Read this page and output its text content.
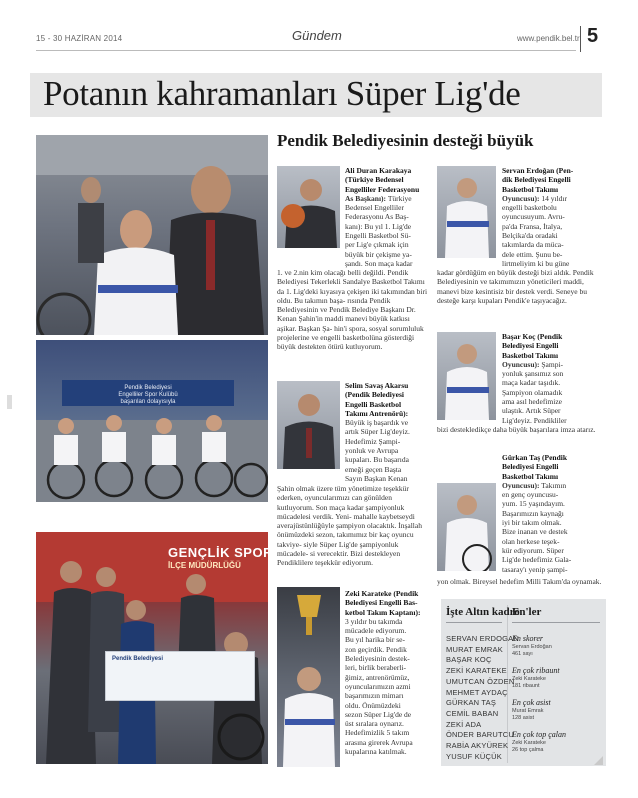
15 - 30 HAZİRAN 2014	Gündem	www.pendik.bel.tr 5
Potanın kahramanları Süper Lig'de
Pendik Belediyesi
Engelliler Spor Kulübü
başarıları dolayısıyla
GENÇLİK SPOR
İLÇE MÜDÜRLÜĞÜ
Pendik Belediyesi
Pendik Belediyesinin desteği büyük
Ali Duran Karakaya
(Türkiye Bedensel
Engelliler Federasyonu
As Başkanı): Türkiye
Bedensel Engelliler
Federasyonu As Baş-
kanı): Bu yıl 1. Lig'de
Engelli Basketbol Sü-
per Lig'e çıkmak için
büyük bir çekişme ya-
şandı. Son maça kadar
1. ve 2.nin kim olacağı belli değildi. Pendik Belediyesi Tekerlekli Sandalye Basketbol Takımı da 1. Lig'deki kıyasıya çekişen iki takımından biri oldu. Bu takımın başa- rısında Pendik Belediyesinin ve Pendik Belediye Başkanı Dr. Kenan Şahin'in maddi manevi büyük katkısı aşikar. Başkan Şa- hin'i spora, sosyal sorumluluk projelerine ve engelli basketbolüna gösterdiği büyük destekten ötürü kutluyorum.
Selim Savaş Akarsu
(Pendik Belediyesi
Engelli Basketbol
Takımı Antrenörü):
Büyük iş başardık ve
artık Süper Lig'deyiz.
Hedefimiz Şampi-
yonluk ve Avrupa
kupaları. Bu başarıda
emeği geçen Başta
Sayın Başkan Kenan
Şahin olmak üzere tüm yönetimize teşekkür ederken, oyuncularımızı can gönülden kutluyorum. Son maça kadar şampiyonluk mücadelesi verdik. Yeni- mahalle kaybetseydi averajüstünlüğüyle şampiyon olacaktık. İnşallah önümüzdeki sezon, takımımız bir kaç oyuncu takviye- siyle Süper Lig'de şampiyonluk mücadele- si verecektir. Bizi destekleyen Pendiklilere teşekkür ediyorum.
Zeki Karateke (Pendik
Belediyesi Engelli Bas-
ketbol Takım Kaptanı):
3 yıldır bu takımda
mücadele ediyorum.
Bu yıl harika bir se-
zon geçirdik. Pendik
Belediyesinin destek-
leri, birlik beraberli-
ğimiz, antrenörümüz,
oyuncularımızın azmi
başarımızın mimarı
oldu. Önümüzdeki
sezon Süper Lig'de de
üst sıralara oynarız.
Hedefimizlik 5 takım
arasına girerek Avrupa
kupalarına katılmak.
Servan Erdoğan (Pen-
dik Belediyesi Engelli
Basketbol Takımı
Oyuncusu): 14 yıldır
engelli basketbolu
oyuncusuyum. Avru-
pa'da Fransa, İtalya,
Belçika'da oradaki
takımlarda da müca-
dele ettim. Şunu be-
lirtmeliyim ki bu güne
kadar gördüğüm en büyük desteği bizi aldık. Pendik Belediyesinin ve takımımızın yöneticileri maddi, manevi bize kesintisiz bir destek verdi. Seneye bu desteğe karşı kupaları Pendik'e taşıyacağız.
Başar Koç (Pendik
Belediyesi Engelli
Basketbol Takımı
Oyuncusu): Şampi-
yonluk şansımız son
maça kadar taşıdık.
Şampiyon olamadık
ama asıl hedefimize
ulaştık. Artık Süper
Lig'deyiz. Pendikliler
bizi destekledikçe daha büyük başarılara imza atarız.
Gürkan Taş (Pendik
Belediyesi Engelli
Basketbol Takımı
Oyuncusu): Takımın
en genç oyuncusu-
yum. 15 yaşındayım.
Başarımızın kaynağı
iyi bir takım olmak.
Bize inanan ve destek
olan herkese teşek-
kür ediyorum. Süper
Lig'de hedefimiz Gala-
tasaray'ı yenip şampi-
yon olmak. Bireysel hedefim Milli Takım'da oynamak.
İşte Altın kadro
En'ler
SERVAN ERDOGAN
MURAT EMRAK
BAŞAR KOÇ
ZEKİ KARATEKE
UMUTCAN ÖZDEN
MEHMET AYDAÇ
GÜRKAN TAŞ
CEMİL BABAN
ZEKİ ADA
ÖNDER BARUTCU
RABİA AKYÜREK
YUSUF KÜÇÜK
En skorer
Servan Erdoğan
461 sayı
En çok ribaunt
Zeki Karateke
181 ribaunt
En çok asist
Murat Emrak
128 asist
En çok top çalan
Zeki Karateke
26 top çalma
